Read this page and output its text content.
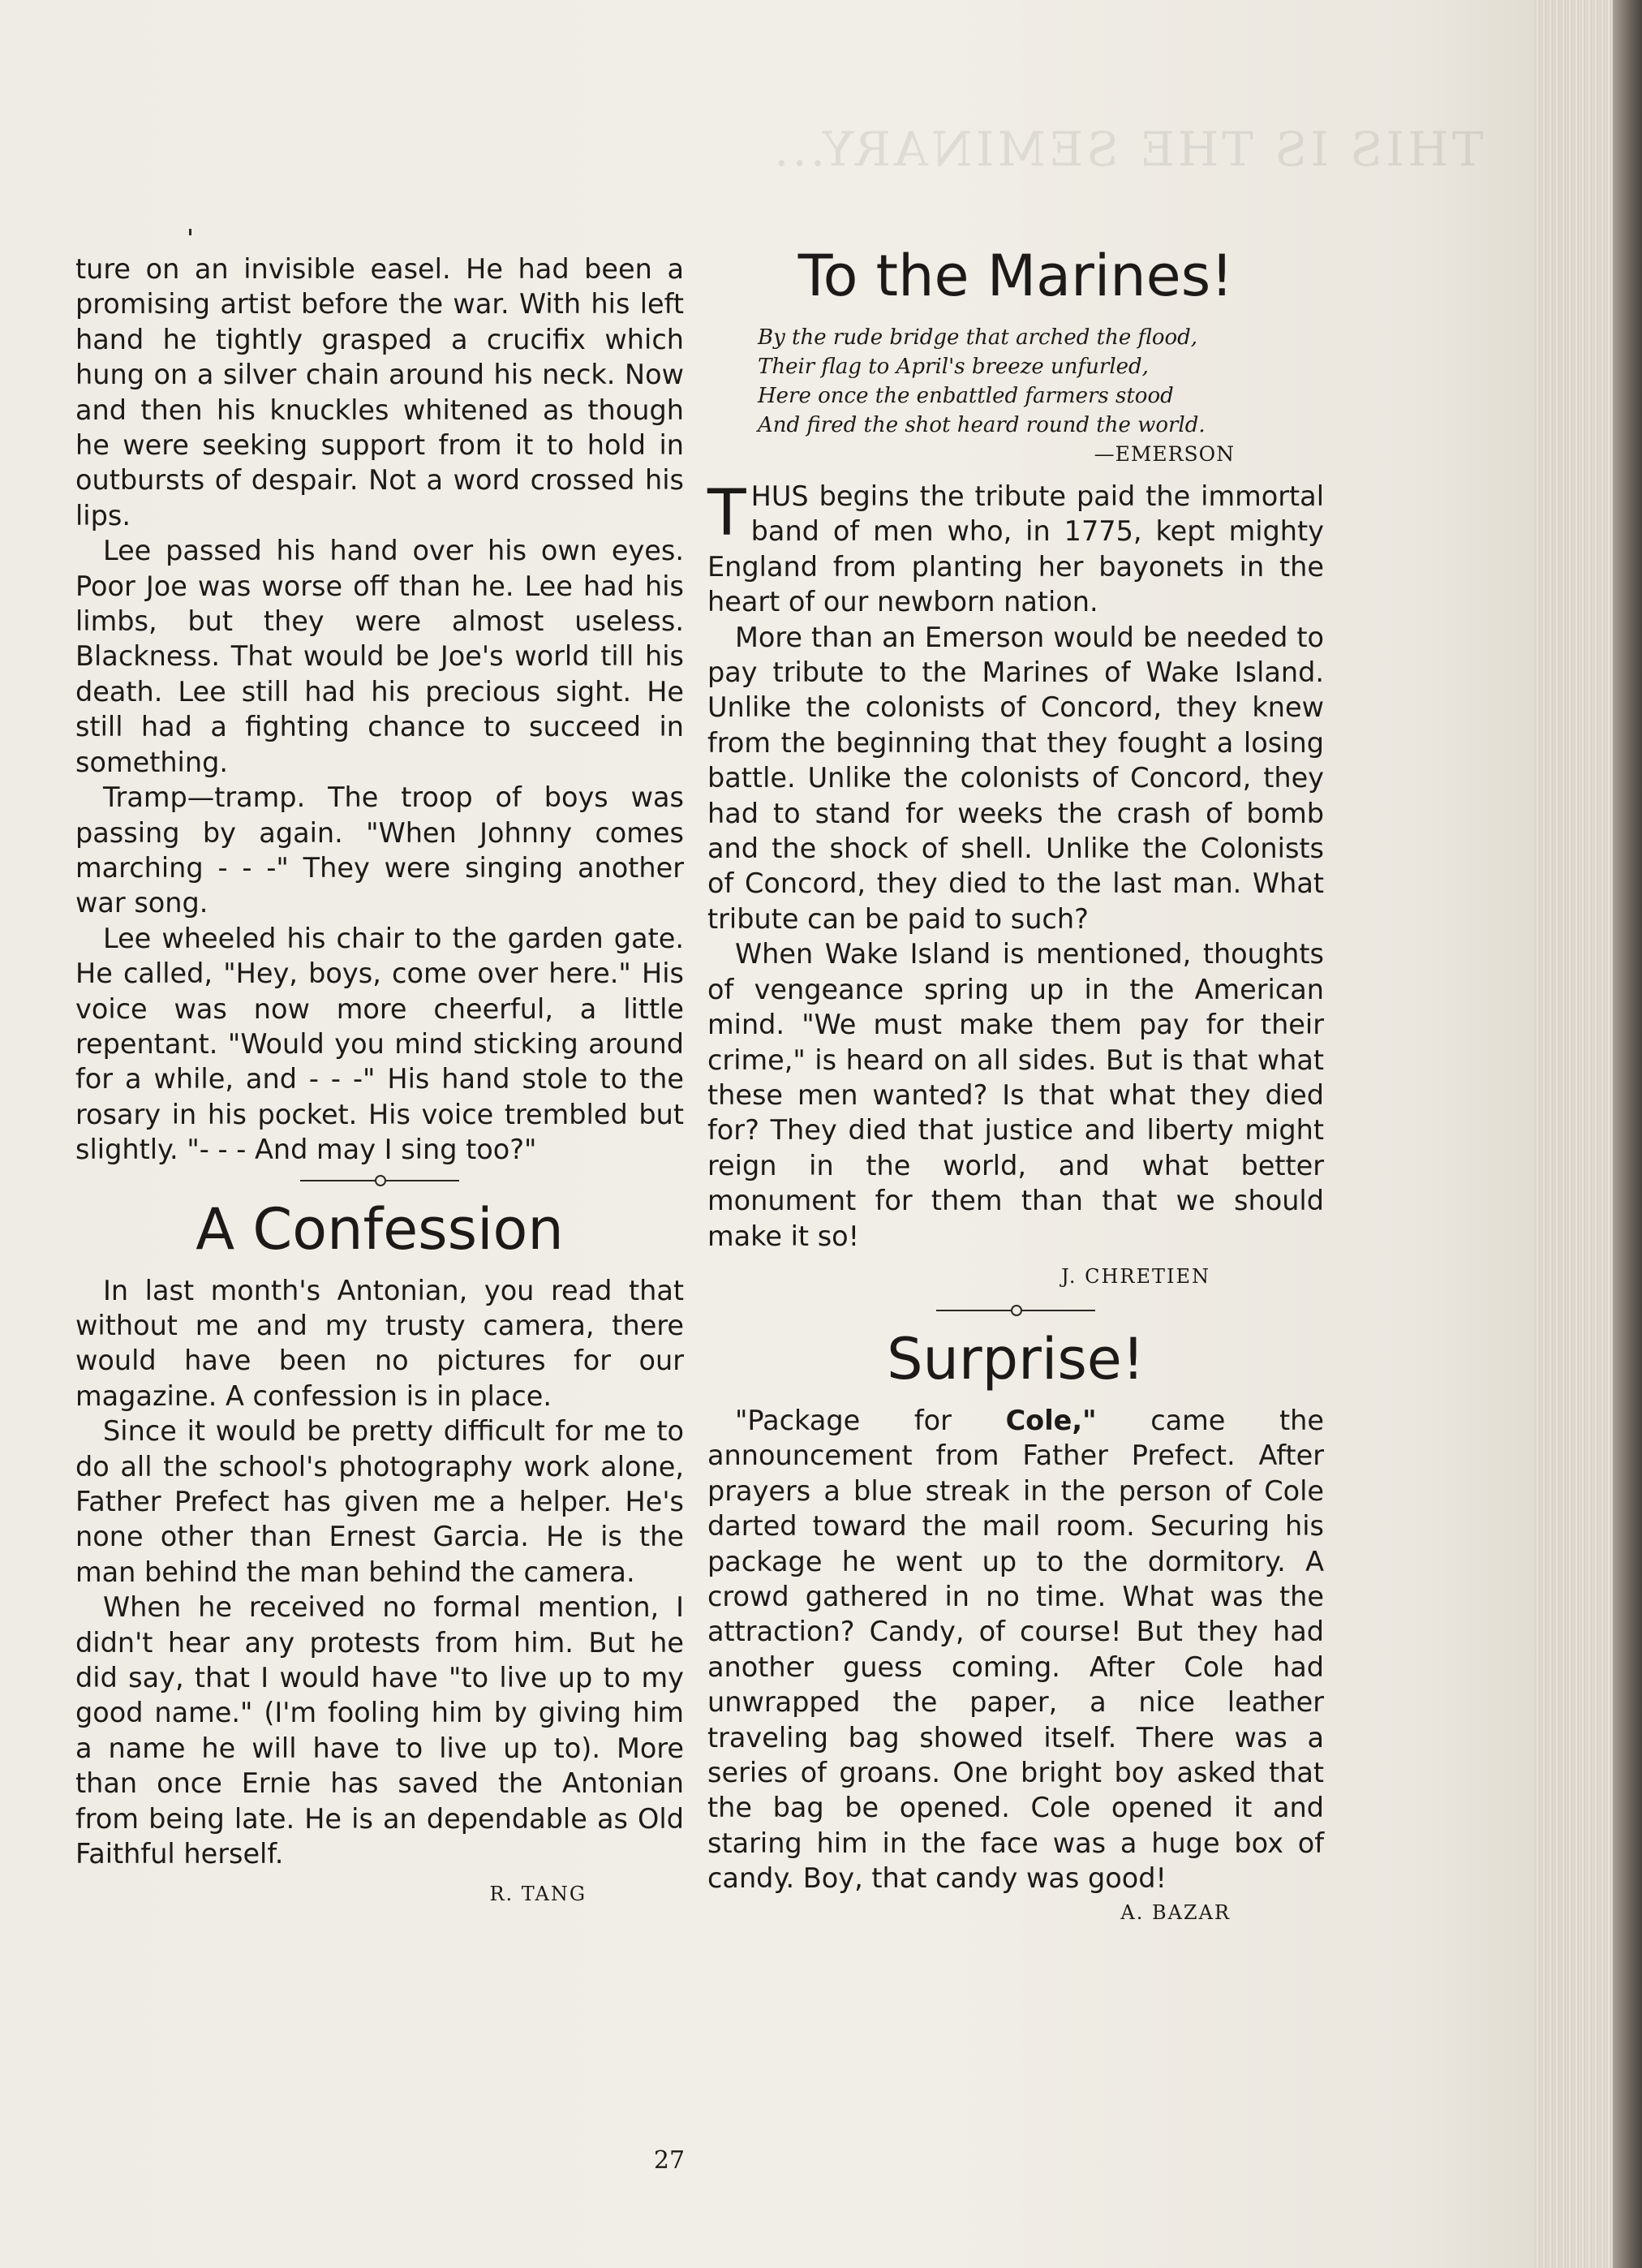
THIS IS THE SEMINARY...

ture on an invisible easel. He had been a promising artist before the war. With his left hand he tightly grasped a crucifix which hung on a silver chain around his neck. Now and then his knuckles whitened as though he were seeking support from it to hold in outbursts of despair. Not a word crossed his lips.

Lee passed his hand over his own eyes. Poor Joe was worse off than he. Lee had his limbs, but they were almost useless. Blackness. That would be Joe's world till his death. Lee still had his precious sight. He still had a fighting chance to succeed in something.

Tramp—tramp. The troop of boys was passing by again. "When Johnny comes marching - - -" They were singing another war song.

Lee wheeled his chair to the garden gate. He called, "Hey, boys, come over here." His voice was now more cheerful, a little repentant. "Would you mind sticking around for a while, and - - -" His hand stole to the rosary in his pocket. His voice trembled but slightly. "- - - And may I sing too?"

A Confession

In last month's Antonian, you read that without me and my trusty camera, there would have been no pictures for our magazine. A confession is in place.

Since it would be pretty difficult for me to do all the school's photography work alone, Father Prefect has given me a helper. He's none other than Ernest Garcia. He is the man behind the man behind the camera.

When he received no formal mention, I didn't hear any protests from him. But he did say, that I would have "to live up to my good name." (I'm fooling him by giving him a name he will have to live up to). More than once Ernie has saved the Antonian from being late. He is an dependable as Old Faithful herself.

R. TANG
To the Marines!
By the rude bridge that arched the flood,
Their flag to April's breeze unfurled,
Here once the enbattled farmers stood
And fired the shot heard round the world.
—EMERSON

THUS begins the tribute paid the immortal band of men who, in 1775, kept mighty England from planting her bayonets in the heart of our newborn nation.

More than an Emerson would be needed to pay tribute to the Marines of Wake Island. Unlike the colonists of Concord, they knew from the beginning that they fought a losing battle. Unlike the colonists of Concord, they had to stand for weeks the crash of bomb and the shock of shell. Unlike the Colonists of Concord, they died to the last man. What tribute can be paid to such?

When Wake Island is mentioned, thoughts of vengeance spring up in the American mind. "We must make them pay for their crime," is heard on all sides. But is that what these men wanted? Is that what they died for? They died that justice and liberty might reign in the world, and what better monument for them than that we should make it so!

J. CHRETIEN
Surprise!

"Package for Cole," came the announcement from Father Prefect. After prayers a blue streak in the person of Cole darted toward the mail room. Securing his package he went up to the dormitory. A crowd gathered in no time. What was the attraction? Candy, of course! But they had another guess coming. After Cole had unwrapped the paper, a nice leather traveling bag showed itself. There was a series of groans. One bright boy asked that the bag be opened. Cole opened it and staring him in the face was a huge box of candy. Boy, that candy was good!

A. BAZAR
27
